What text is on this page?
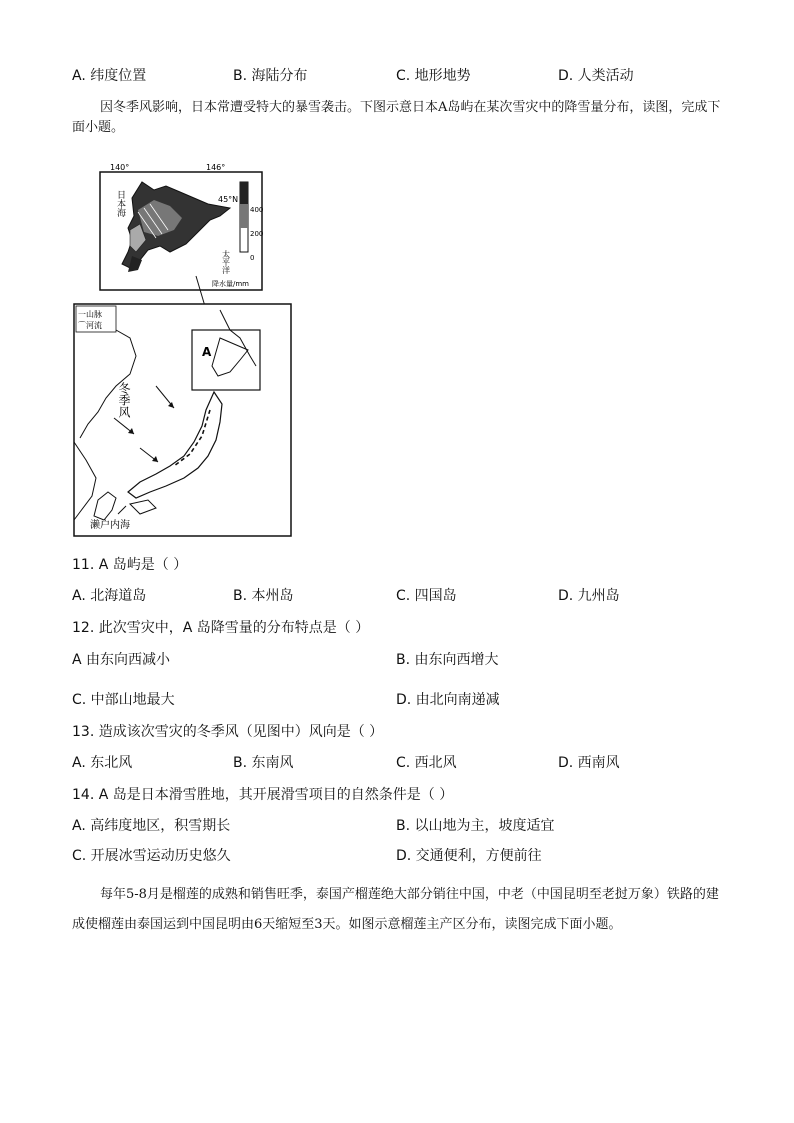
A. 纬度位置	B. 海陆分布	C. 地形地势	D. 人类活动
因冬季风影响，日本常遭受特大的暴雪袭击。下图示意日本A岛屿在某次雪灾中的降雪量分布，读图，完成下面小题。
140°	146°
45°N
日本海	400
200
0
太平洋
降水量/mm
一山脉
⌒河流
A
冬季风
濑户内海
11. A 岛屿是（ ）
A. 北海道岛	B. 本州岛	C. 四国岛	D. 九州岛
12. 此次雪灾中，A 岛降雪量的分布特点是（ ）
A 由东向西减小	B. 由东向西增大
C. 中部山地最大	D. 由北向南递减
13. 造成该次雪灾的冬季风（见图中）风向是（ ）
A. 东北风	B. 东南风	C. 西北风	D. 西南风
14. A 岛是日本滑雪胜地，其开展滑雪项目的自然条件是（ ）
A. 高纬度地区，积雪期长	B. 以山地为主，坡度适宜
C. 开展冰雪运动历史悠久	D. 交通便利，方便前往
每年5-8月是榴莲的成熟和销售旺季，泰国产榴莲绝大部分销往中国，中老（中国昆明至老挝万象）铁路的建成使榴莲由泰国运到中国昆明由6天缩短至3天。如图示意榴莲主产区分布，读图完成下面小题。
